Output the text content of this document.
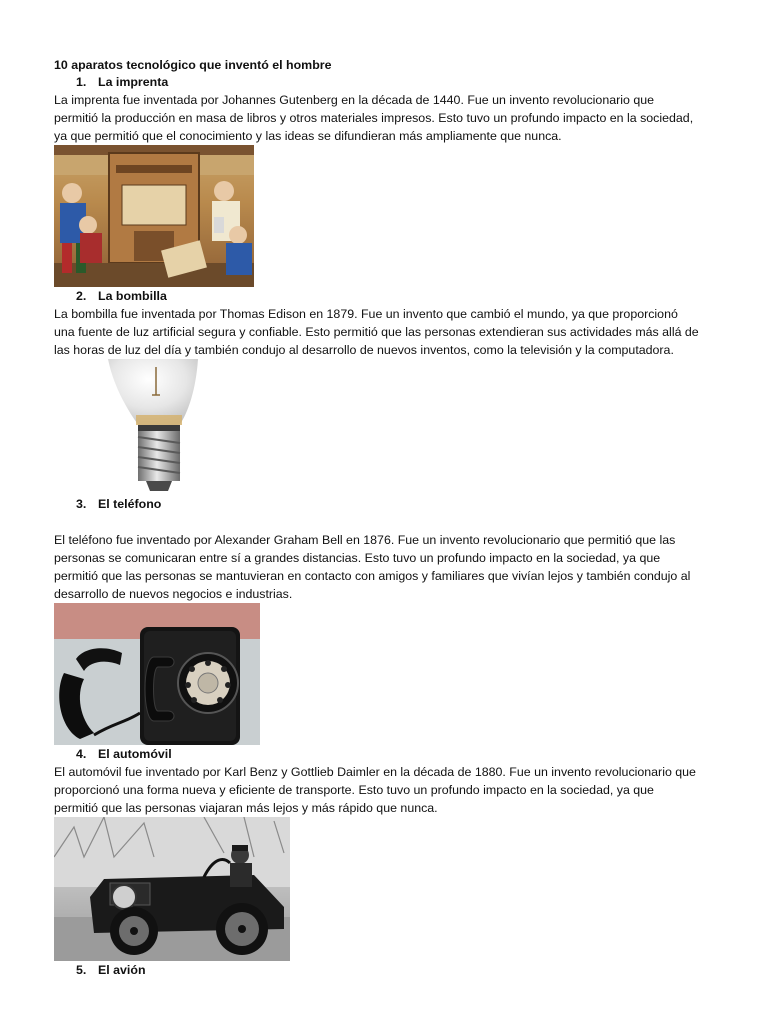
10 aparatos tecnológico que inventó el hombre
1. La imprenta

La imprenta fue inventada por Johannes Gutenberg en la década de 1440. Fue un invento revolucionario que
permitió la producción en masa de libros y otros materiales impresos. Esto tuvo un profundo impacto en la sociedad,
ya que permitió que el conocimiento y las ideas se difundieran más ampliamente que nunca.

2. La bombilla

La bombilla fue inventada por Thomas Edison en 1879. Fue un invento que cambió el mundo, ya que proporcionó
una fuente de luz artificial segura y confiable. Esto permitió que las personas extendieran sus actividades más allá de
las horas de luz del día y también condujo al desarrollo de nuevos inventos, como la televisión y la computadora.

3. El teléfono

El teléfono fue inventado por Alexander Graham Bell en 1876. Fue un invento revolucionario que permitió que las
personas se comunicaran entre sí a grandes distancias. Esto tuvo un profundo impacto en la sociedad, ya que
permitió que las personas se mantuvieran en contacto con amigos y familiares que vivían lejos y también condujo al
desarrollo de nuevos negocios e industrias.

4. El automóvil

El automóvil fue inventado por Karl Benz y Gottlieb Daimler en la década de 1880. Fue un invento revolucionario que
proporcionó una forma nueva y eficiente de transporte. Esto tuvo un profundo impacto en la sociedad, ya que
permitió que las personas viajaran más lejos y más rápido que nunca.

5. El avión
